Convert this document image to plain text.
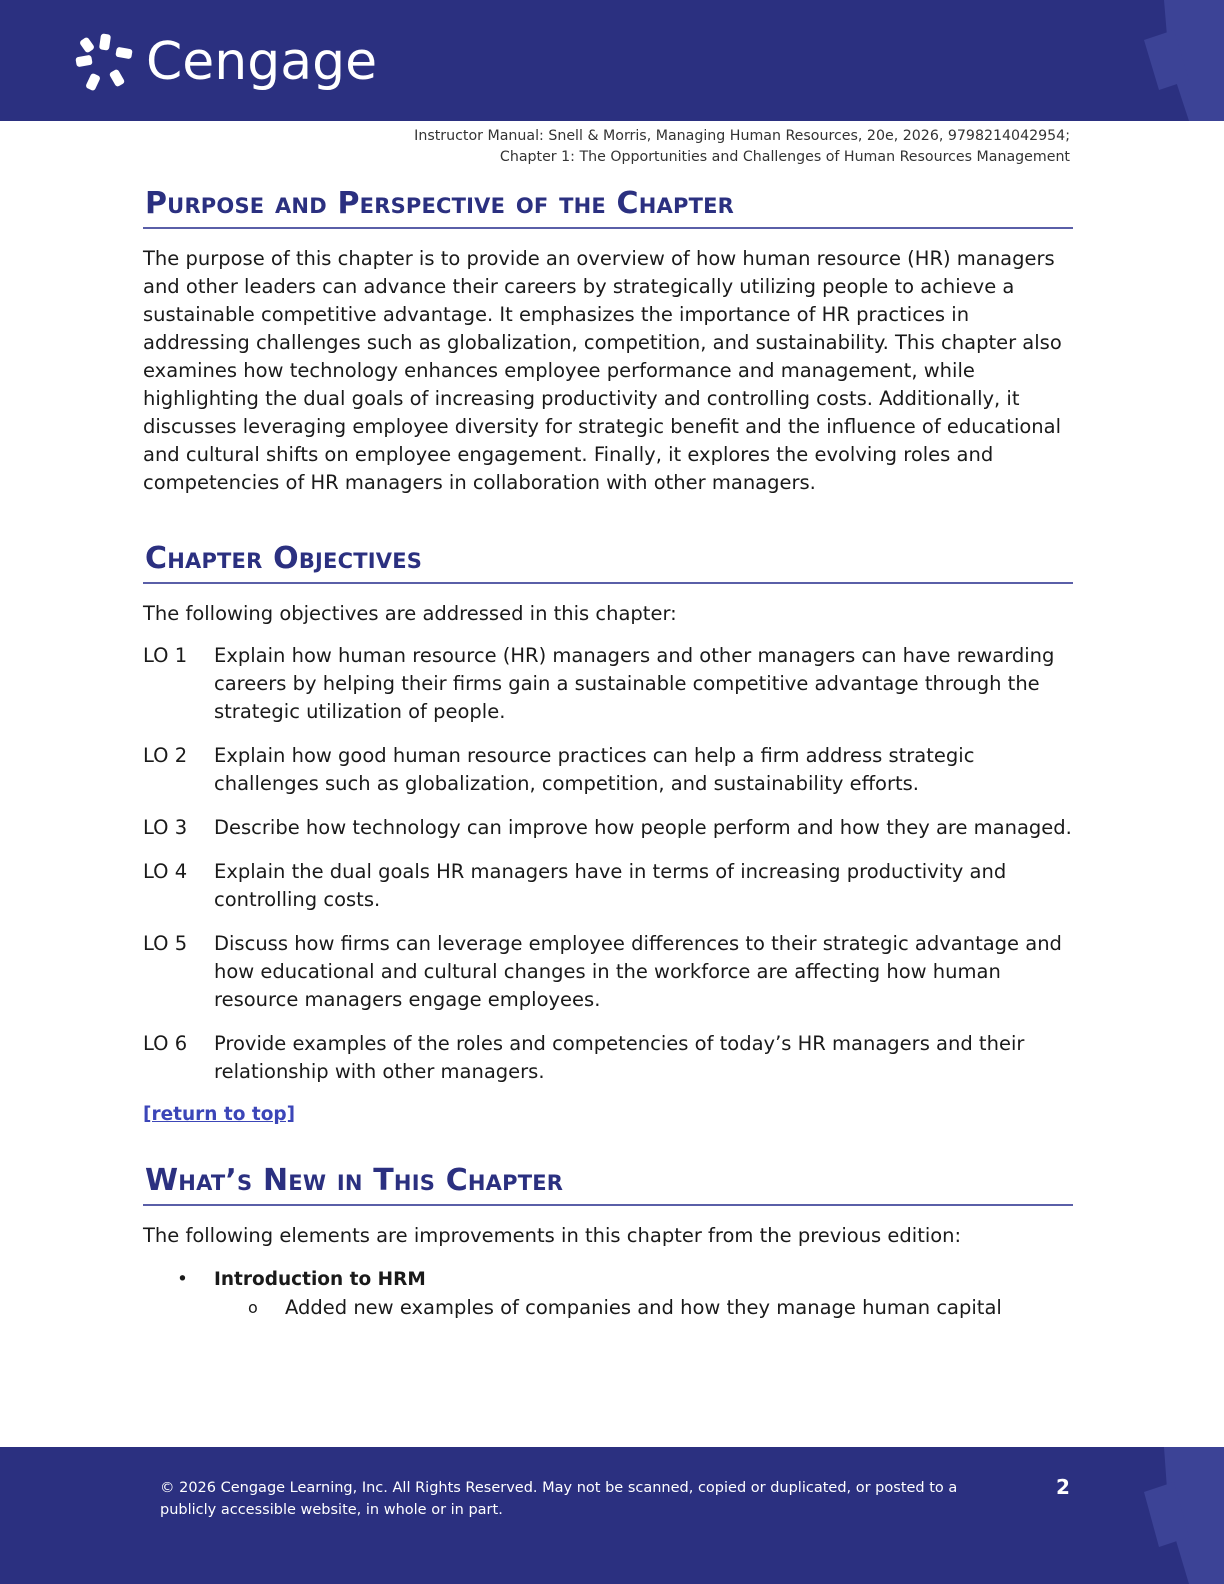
Cengage
Instructor Manual: Snell & Morris, Managing Human Resources, 20e, 2026, 9798214042954;
Chapter 1: The Opportunities and Challenges of Human Resources Management
Purpose and Perspective of the Chapter

The purpose of this chapter is to provide an overview of how human resource (HR) managers and other leaders can advance their careers by strategically utilizing people to achieve a sustainable competitive advantage. It emphasizes the importance of HR practices in addressing challenges such as globalization, competition, and sustainability. This chapter also examines how technology enhances employee performance and management, while highlighting the dual goals of increasing productivity and controlling costs. Additionally, it discusses leveraging employee diversity for strategic benefit and the influence of educational and cultural shifts on employee engagement. Finally, it explores the evolving roles and competencies of HR managers in collaboration with other managers.

Chapter Objectives

The following objectives are addressed in this chapter:

LO 1	Explain how human resource (HR) managers and other managers can have rewarding careers by helping their firms gain a sustainable competitive advantage through the strategic utilization of people.
LO 2	Explain how good human resource practices can help a firm address strategic challenges such as globalization, competition, and sustainability efforts.
LO 3	Describe how technology can improve how people perform and how they are managed.
LO 4	Explain the dual goals HR managers have in terms of increasing productivity and controlling costs.
LO 5	Discuss how firms can leverage employee differences to their strategic advantage and how educational and cultural changes in the workforce are affecting how human resource managers engage employees.
LO 6	Provide examples of the roles and competencies of today’s HR managers and their relationship with other managers.
[return to top]
What’s New in This Chapter

The following elements are improvements in this chapter from the previous edition:

•	Introduction to HRM
o	Added new examples of companies and how they manage human capital
© 2026 Cengage Learning, Inc. All Rights Reserved. May not be scanned, copied or duplicated, or posted to a publicly accessible website, in whole or in part.
2
